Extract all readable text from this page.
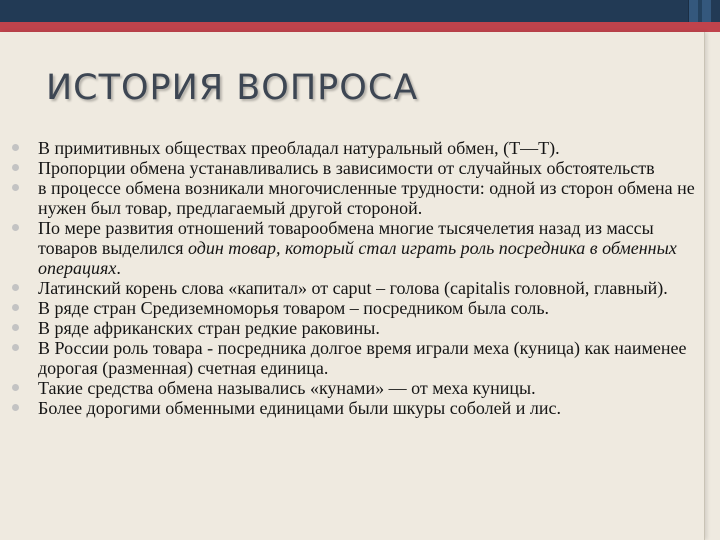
ИСТОРИЯ ВОПРОСА
В примитивных обществах преобладал натуральный обмен, (Т—Т).
Пропорции обмена устанавливались в зависимости от случайных обстоятельств
в процессе обмена возникали многочисленные трудности: одной из сторон обмена не нужен был товар, предлагаемый другой стороной.
По мере развития отношений товарообмена многие тысячелетия назад из массы товаров выделился один товар, который стал играть роль посредника в обменных операциях.
Латинский корень слова «капитал» от caput – голова (capitalis головной, главный).
В ряде стран Средиземноморья товаром – посредником была соль.
В ряде африканских стран редкие раковины.
В России роль товара - посредника долгое время играли меха (куница) как наименее дорогая (разменная) счетная единица.
Такие средства обмена назывались «кунами» — от меха куницы.
Более дорогими обменными единицами были шкуры соболей и лис.
